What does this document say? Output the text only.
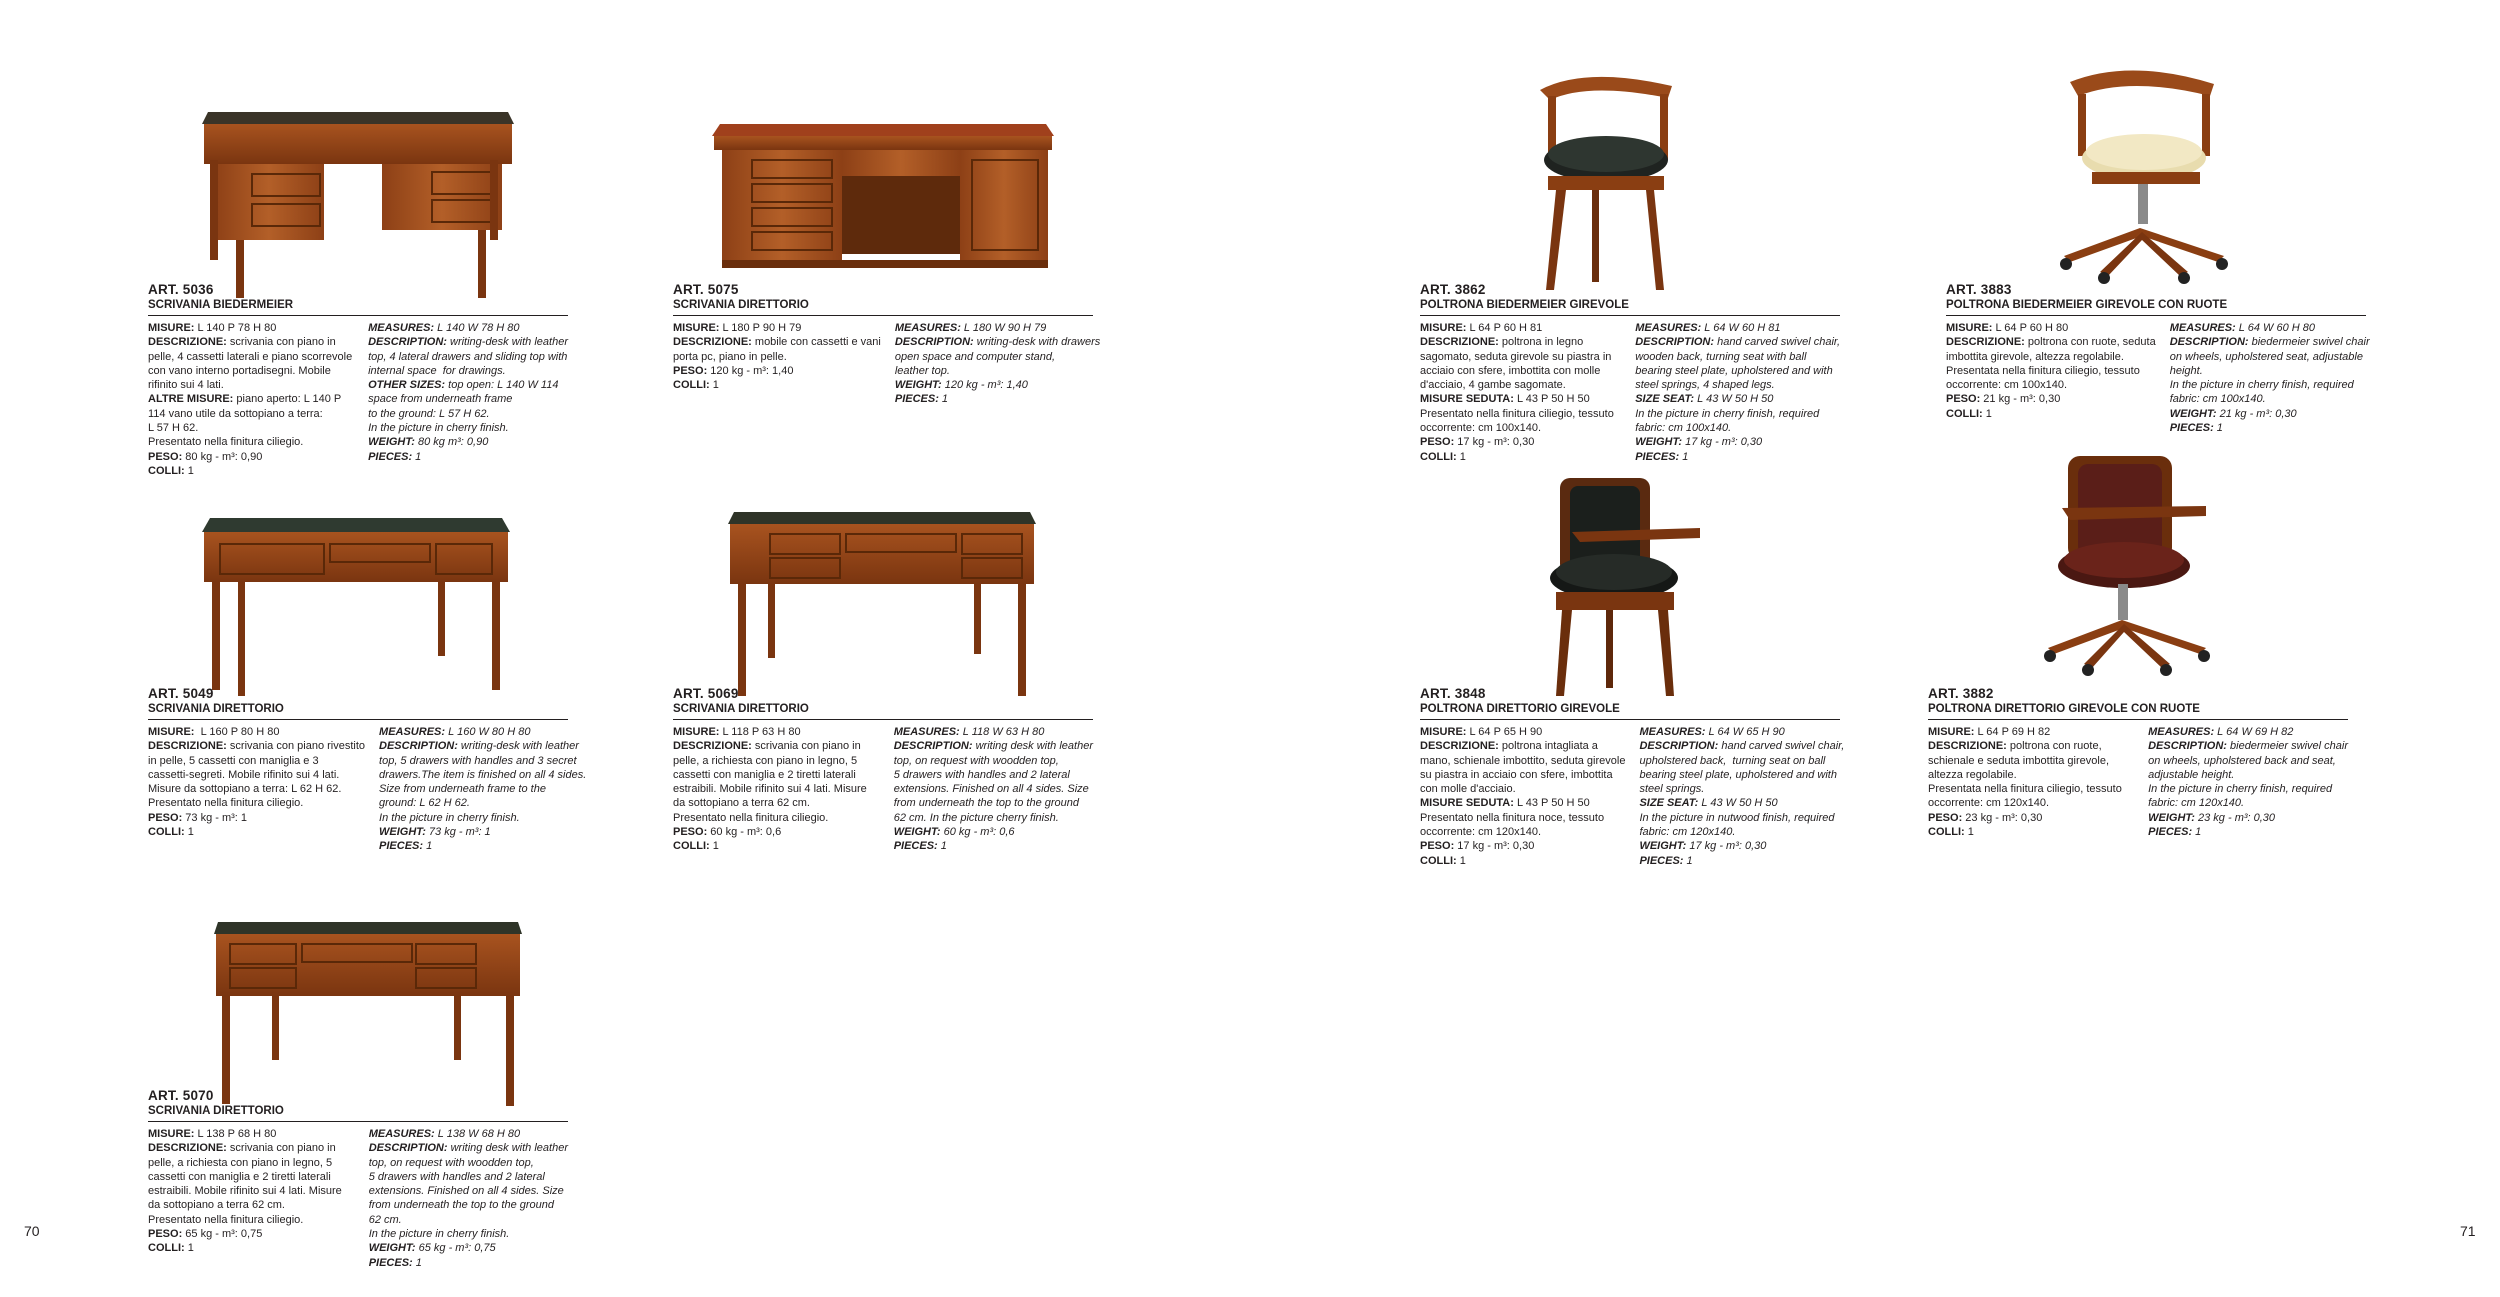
ART. 5036
SCRIVANIA BIEDERMEIER
MISURE: L 140 P 78 H 80
DESCRIZIONE: scrivania con piano in
pelle, 4 cassetti laterali e piano scorrevole
con vano interno portadisegni. Mobile
rifinito sui 4 lati.
ALTRE MISURE: piano aperto: L 140 P
114 vano utile da sottopiano a terra:
L 57 H 62.
Presentato nella finitura ciliegio.
PESO: 80 kg - m³: 0,90
COLLI: 1
MEASURES: L 140 W 78 H 80
DESCRIPTION: writing-desk with leather
top, 4 lateral drawers and sliding top with
internal space  for drawings.
OTHER SIZES: top open: L 140 W 114
space from underneath frame
to the ground: L 57 H 62.
In the picture in cherry finish.
WEIGHT: 80 kg m³: 0,90
PIECES: 1
ART. 5075
SCRIVANIA DIRETTORIO
MISURE: L 180 P 90 H 79
DESCRIZIONE: mobile con cassetti e vani
porta pc, piano in pelle.
PESO: 120 kg - m³: 1,40
COLLI: 1
MEASURES: L 180 W 90 H 79
DESCRIPTION: writing-desk with drawers
open space and computer stand,
leather top.
WEIGHT: 120 kg - m³: 1,40
PIECES: 1
ART. 3862
POLTRONA BIEDERMEIER GIREVOLE
MISURE: L 64 P 60 H 81
DESCRIZIONE: poltrona in legno
sagomato, seduta girevole su piastra in
acciaio con sfere, imbottita con molle
d'acciaio, 4 gambe sagomate.
MISURE SEDUTA: L 43 P 50 H 50
Presentato nella finitura ciliegio, tessuto
occorrente: cm 100x140.
PESO: 17 kg - m³: 0,30
COLLI: 1
MEASURES: L 64 W 60 H 81
DESCRIPTION: hand carved swivel chair,
wooden back, turning seat with ball
bearing steel plate, upholstered and with
steel springs, 4 shaped legs.
SIZE SEAT: L 43 W 50 H 50
In the picture in cherry finish, required
fabric: cm 100x140.
WEIGHT: 17 kg - m³: 0,30
PIECES: 1
ART. 3883
POLTRONA BIEDERMEIER GIREVOLE CON RUOTE
MISURE: L 64 P 60 H 80
DESCRIZIONE: poltrona con ruote, seduta
imbottita girevole, altezza regolabile.
Presentata nella finitura ciliegio, tessuto
occorrente: cm 100x140.
PESO: 21 kg - m³: 0,30
COLLI: 1
MEASURES: L 64 W 60 H 80
DESCRIPTION: biedermeier swivel chair
on wheels, upholstered seat, adjustable
height.
In the picture in cherry finish, required
fabric: cm 100x140.
WEIGHT: 21 kg - m³: 0,30
PIECES: 1
ART. 5049
SCRIVANIA DIRETTORIO
MISURE:  L 160 P 80 H 80
DESCRIZIONE: scrivania con piano rivestito
in pelle, 5 cassetti con maniglia e 3
cassetti-segreti. Mobile rifinito sui 4 lati.
Misure da sottopiano a terra: L 62 H 62.
Presentato nella finitura ciliegio.
PESO: 73 kg - m³: 1
COLLI: 1
MEASURES: L 160 W 80 H 80
DESCRIPTION: writing-desk with leather
top, 5 drawers with handles and 3 secret
drawers.The item is finished on all 4 sides.
Size from underneath frame to the
ground: L 62 H 62.
In the picture in cherry finish.
WEIGHT: 73 kg - m³: 1
PIECES: 1
ART. 5069
SCRIVANIA DIRETTORIO
MISURE: L 118 P 63 H 80
DESCRIZIONE: scrivania con piano in
pelle, a richiesta con piano in legno, 5
cassetti con maniglia e 2 tiretti laterali
estraibili. Mobile rifinito sui 4 lati. Misure
da sottopiano a terra 62 cm.
Presentato nella finitura ciliegio.
PESO: 60 kg - m³: 0,6
COLLI: 1
MEASURES: L 118 W 63 H 80
DESCRIPTION: writing desk with leather
top, on request with woodden top,
5 drawers with handles and 2 lateral
extensions. Finished on all 4 sides. Size
from underneath the top to the ground
62 cm. In the picture cherry finish.
WEIGHT: 60 kg - m³: 0,6
PIECES: 1
ART. 3848
POLTRONA DIRETTORIO GIREVOLE
MISURE: L 64 P 65 H 90
DESCRIZIONE: poltrona intagliata a
mano, schienale imbottito, seduta girevole
su piastra in acciaio con sfere, imbottita
con molle d'acciaio.
MISURE SEDUTA: L 43 P 50 H 50
Presentato nella finitura noce, tessuto
occorrente: cm 120x140.
PESO: 17 kg - m³: 0,30
COLLI: 1
MEASURES: L 64 W 65 H 90
DESCRIPTION: hand carved swivel chair,
upholstered back,  turning seat on ball
bearing steel plate, upholstered and with
steel springs.
SIZE SEAT: L 43 W 50 H 50
In the picture in nutwood finish, required
fabric: cm 120x140.
WEIGHT: 17 kg - m³: 0,30
PIECES: 1
ART. 3882
POLTRONA DIRETTORIO GIREVOLE CON RUOTE
MISURE: L 64 P 69 H 82
DESCRIZIONE: poltrona con ruote,
schienale e seduta imbottita girevole,
altezza regolabile.
Presentata nella finitura ciliegio, tessuto
occorrente: cm 120x140.
PESO: 23 kg - m³: 0,30
COLLI: 1
MEASURES: L 64 W 69 H 82
DESCRIPTION: biedermeier swivel chair
on wheels, upholstered back and seat,
adjustable height.
In the picture in cherry finish, required
fabric: cm 120x140.
WEIGHT: 23 kg - m³: 0,30
PIECES: 1
ART. 5070
SCRIVANIA DIRETTORIO
MISURE: L 138 P 68 H 80
DESCRIZIONE: scrivania con piano in
pelle, a richiesta con piano in legno, 5
cassetti con maniglia e 2 tiretti laterali
estraibili. Mobile rifinito sui 4 lati. Misure
da sottopiano a terra 62 cm.
Presentato nella finitura ciliegio.
PESO: 65 kg - m³: 0,75
COLLI: 1
MEASURES: L 138 W 68 H 80
DESCRIPTION: writing desk with leather
top, on request with woodden top,
5 drawers with handles and 2 lateral
extensions. Finished on all 4 sides. Size
from underneath the top to the ground
62 cm.
In the picture in cherry finish.
WEIGHT: 65 kg - m³: 0,75
PIECES: 1
70	71
